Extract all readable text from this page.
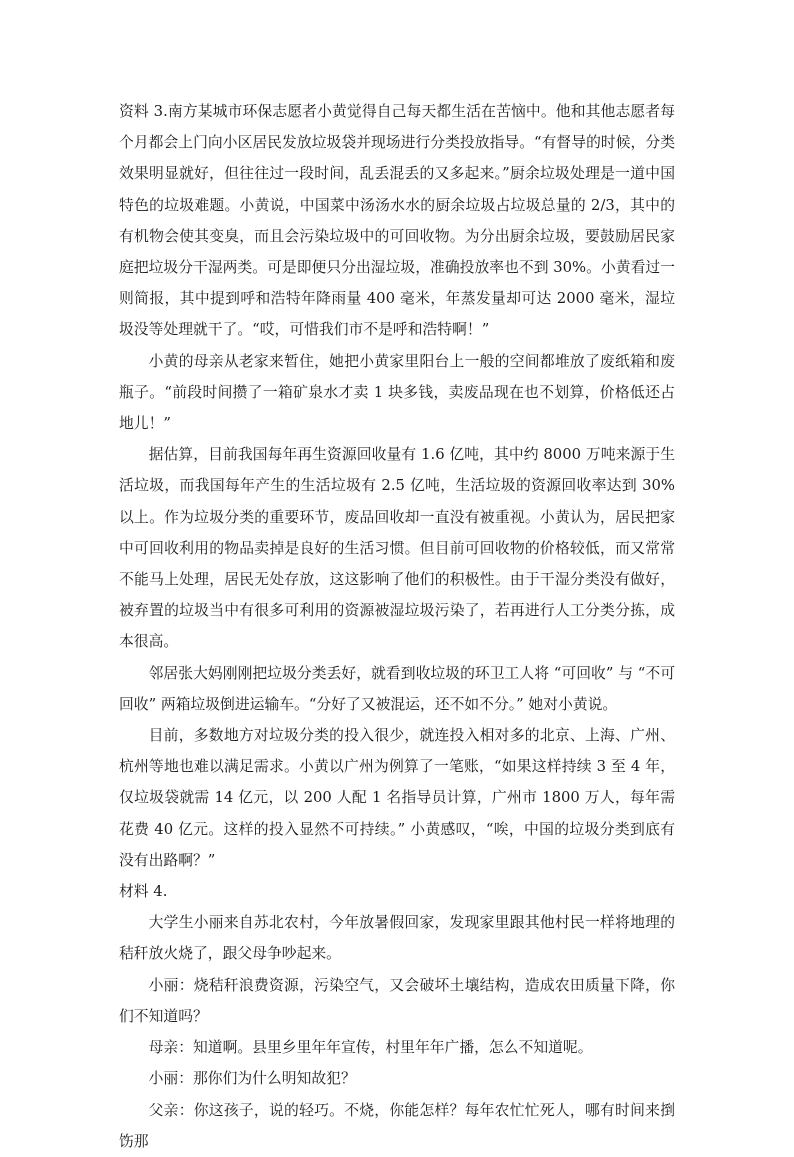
资料 3.南方某城市环保志愿者小黄觉得自己每天都生活在苦恼中。他和其他志愿者每个月都会上门向小区居民发放垃圾袋并现场进行分类投放指导。“有督导的时候，分类效果明显就好，但往往过一段时间，乱丢混丢的又多起来。”厨余垃圾处理是一道中国特色的垃圾难题。小黄说，中国菜中汤汤水水的厨余垃圾占垃圾总量的 2/3，其中的有机物会使其变臭，而且会污染垃圾中的可回收物。为分出厨余垃圾，要鼓励居民家庭把垃圾分干湿两类。可是即便只分出湿垃圾，准确投放率也不到 30%。小黄看过一则简报，其中提到呼和浩特年降雨量 400 毫米，年蒸发量却可达 2000 毫米，湿垃圾没等处理就干了。“哎，可惜我们市不是呼和浩特啊！”

小黄的母亲从老家来暂住，她把小黄家里阳台上一般的空间都堆放了废纸箱和废瓶子。“前段时间攒了一箱矿泉水才卖 1 块多钱，卖废品现在也不划算，价格低还占地儿！”

据估算，目前我国每年再生资源回收量有 1.6 亿吨，其中约 8000 万吨来源于生活垃圾，而我国每年产生的生活垃圾有 2.5 亿吨，生活垃圾的资源回收率达到 30%以上。作为垃圾分类的重要环节，废品回收却一直没有被重视。小黄认为，居民把家中可回收利用的物品卖掉是良好的生活习惯。但目前可回收物的价格较低，而又常常不能马上处理，居民无处存放，这这影响了他们的积极性。由于干湿分类没有做好，被弃置的垃圾当中有很多可利用的资源被湿垃圾污染了，若再进行人工分类分拣，成本很高。

邻居张大妈刚刚把垃圾分类丢好，就看到收垃圾的环卫工人将 “可回收” 与 “不可回收” 两箱垃圾倒进运输车。“分好了又被混运，还不如不分。” 她对小黄说。

目前，多数地方对垃圾分类的投入很少，就连投入相对多的北京、上海、广州、杭州等地也难以满足需求。小黄以广州为例算了一笔账，“如果这样持续 3 至 4 年，仅垃圾袋就需 14 亿元，以 200 人配 1 名指导员计算，广州市 1800 万人，每年需花费 40 亿元。这样的投入显然不可持续。” 小黄感叹，“唉，中国的垃圾分类到底有没有出路啊？”

材料 4.

大学生小丽来自苏北农村，今年放暑假回家，发现家里跟其他村民一样将地理的秸秆放火烧了，跟父母争吵起来。

小丽：烧秸秆浪费资源，污染空气，又会破坏土壤结构，造成农田质量下降，你们不知道吗？

母亲：知道啊。县里乡里年年宣传，村里年年广播，怎么不知道呢。

小丽：那你们为什么明知故犯？

父亲：你这孩子，说的轻巧。不烧，你能怎样？每年农忙忙死人，哪有时间来捯饬那
